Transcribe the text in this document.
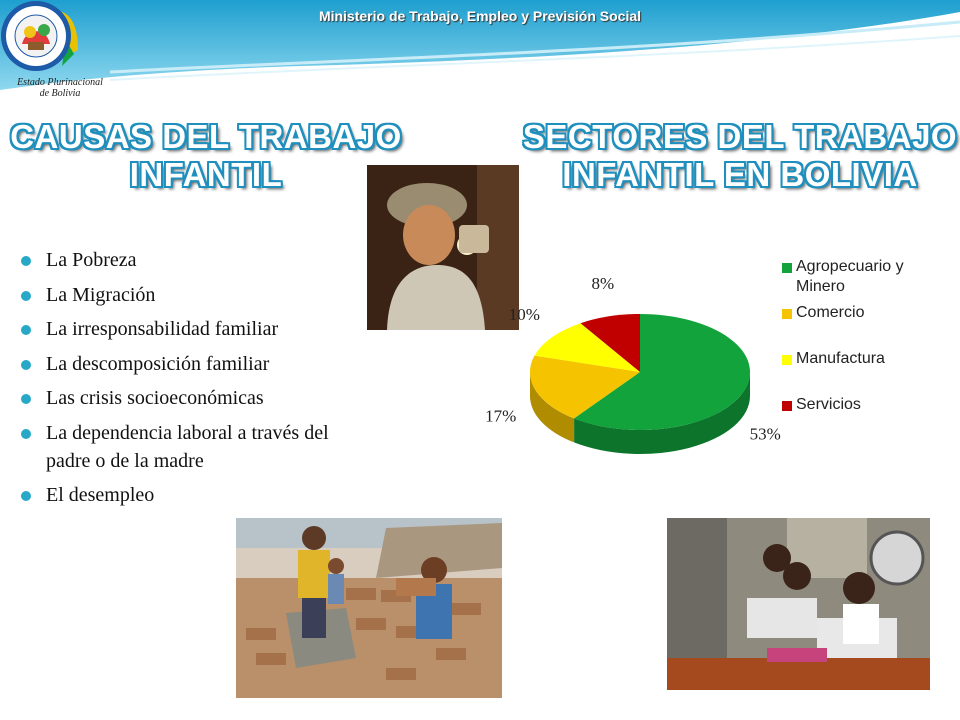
Ministerio de Trabajo, Empleo y Previsión Social
Estado Plurinacional
de Bolivia
CAUSAS DEL TRABAJO
INFANTIL
SECTORES DEL TRABAJO
INFANTIL EN BOLIVIA
La Pobreza
La Migración
La irresponsabilidad familiar
La descomposición familiar
Las crisis socioeconómicas
La dependencia laboral a través del padre o de la madre
El desempleo
53%
17%
10%
8%
Agropecuario y Minero
Comercio
Manufactura
Servicios
